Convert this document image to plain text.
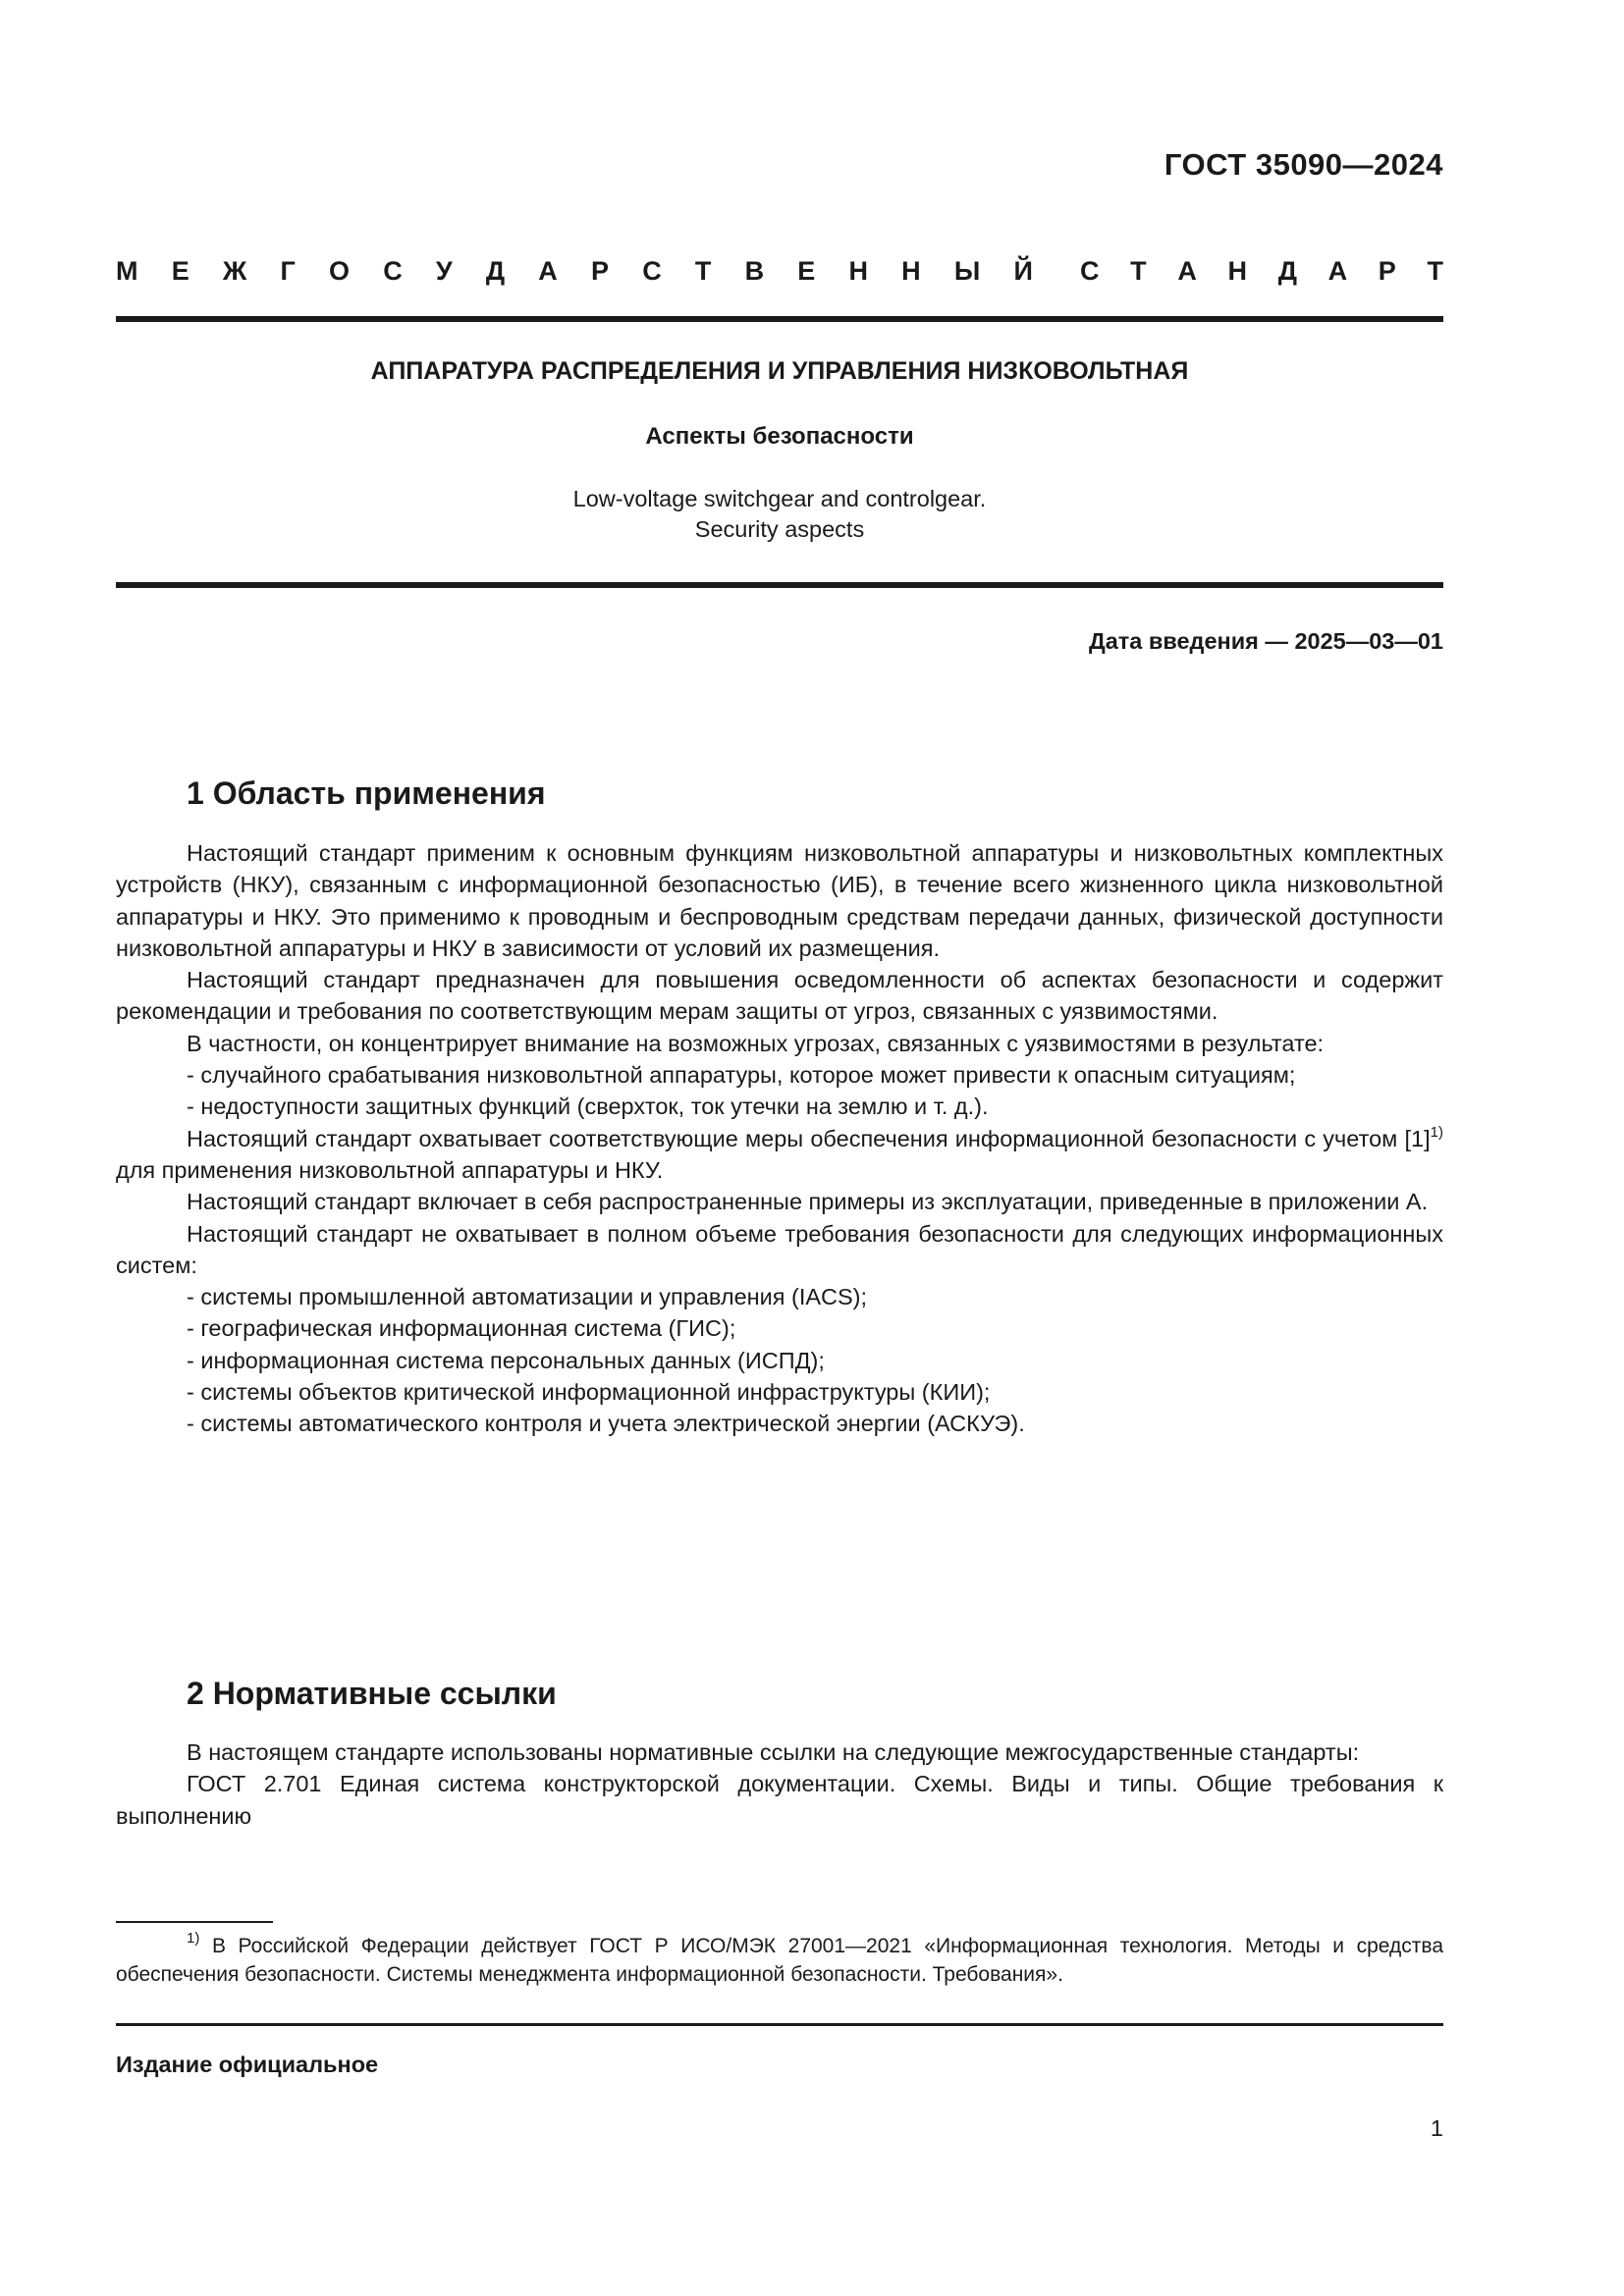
ГОСТ 35090—2024
М Е Ж Г О С У Д А Р С Т В Е Н Н Ы Й С Т А Н Д А Р Т
АППАРАТУРА РАСПРЕДЕЛЕНИЯ И УПРАВЛЕНИЯ НИЗКОВОЛЬТНАЯ
Аспекты безопасности
Low-voltage switchgear and controlgear.
Security aspects
Дата введения — 2025—03—01
1 Область применения

Настоящий стандарт применим к основным функциям низковольтной аппаратуры и низковольтных комплектных устройств (НКУ), связанным с информационной безопасностью (ИБ), в течение всего жизненного цикла низковольтной аппаратуры и НКУ. Это применимо к проводным и беспроводным средствам передачи данных, физической доступности низковольтной аппаратуры и НКУ в зависимости от условий их размещения.

Настоящий стандарт предназначен для повышения осведомленности об аспектах безопасности и содержит рекомендации и требования по соответствующим мерам защиты от угроз, связанных с уязвимостями.

В частности, он концентрирует внимание на возможных угрозах, связанных с уязвимостями в результате:

- случайного срабатывания низковольтной аппаратуры, которое может привести к опасным ситуациям;

- недоступности защитных функций (сверхток, ток утечки на землю и т. д.).

Настоящий стандарт охватывает соответствующие меры обеспечения информационной безопасности с учетом $[1]^{1)}$ для применения низковольтной аппаратуры и НКУ.

Настоящий стандарт включает в себя распространенные примеры из эксплуатации, приведенные в приложении А.

Настоящий стандарт не охватывает в полном объеме требования безопасности для следующих информационных систем:

- системы промышленной автоматизации и управления (IACS);

- географическая информационная система (ГИС);

- информационная система персональных данных (ИСПД);

- системы объектов критической информационной инфраструктуры (КИИ);

- системы автоматического контроля и учета электрической энергии (АСКУЭ).

2 Нормативные ссылки

В настоящем стандарте использованы нормативные ссылки на следующие межгосударственные стандарты:

ГОСТ 2.701 Единая система конструкторской документации. Схемы. Виды и типы. Общие требования к выполнению

$^{1)}$ В Российской Федерации действует ГОСТ Р ИСО/МЭК 27001—2021 «Информационная технология. Методы и средства обеспечения безопасности. Системы менеджмента информационной безопасности. Требования».

Издание официальное
1
